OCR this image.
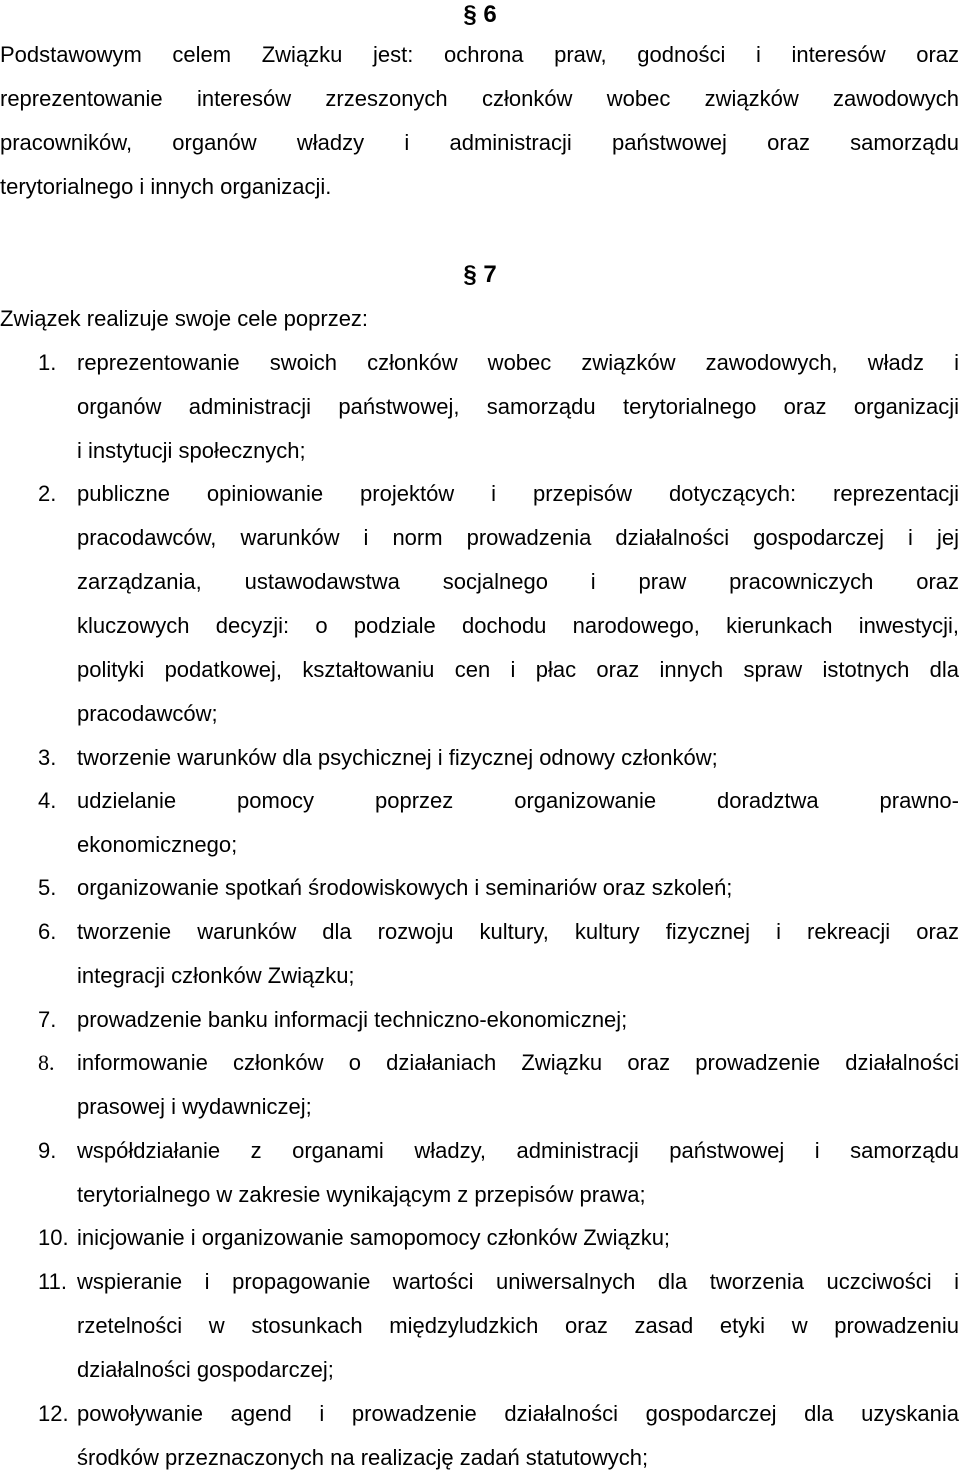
§ 6
Podstawowym celem Związku jest: ochrona praw, godności i interesów oraz
reprezentowanie interesów zrzeszonych członków wobec związków zawodowych
pracowników, organów władzy i administracji państwowej oraz samorządu
terytorialnego i innych organizacji.
§ 7
Związek realizuje swoje cele poprzez:
1. reprezentowanie swoich członków wobec związków zawodowych, władz i
organów administracji państwowej, samorządu terytorialnego oraz organizacji
i instytucji społecznych;
2. publiczne opiniowanie projektów i przepisów dotyczących: reprezentacji
pracodawców, warunków i norm prowadzenia działalności gospodarczej i jej
zarządzania, ustawodawstwa socjalnego i praw pracowniczych oraz
kluczowych decyzji: o podziale dochodu narodowego, kierunkach inwestycji,
polityki podatkowej, kształtowaniu cen i płac oraz innych spraw istotnych dla
pracodawców;
3. tworzenie warunków dla psychicznej i fizycznej odnowy członków;
4. udzielanie pomocy poprzez organizowanie doradztwa prawno-
ekonomicznego;
5. organizowanie spotkań środowiskowych i seminariów oraz szkoleń;
6. tworzenie warunków dla rozwoju kultury, kultury fizycznej i rekreacji oraz
integracji członków Związku;
7. prowadzenie banku informacji techniczno-ekonomicznej;
8. informowanie członków o działaniach Związku oraz prowadzenie działalności
prasowej i wydawniczej;
9. współdziałanie z organami władzy, administracji państwowej i samorządu
terytorialnego w zakresie wynikającym z przepisów prawa;
10. inicjowanie i organizowanie samopomocy członków Związku;
11. wspieranie i propagowanie wartości uniwersalnych dla tworzenia uczciwości i
rzetelności w stosunkach międzyludzkich oraz zasad etyki w prowadzeniu
działalności gospodarczej;
12. powoływanie agend i prowadzenie działalności gospodarczej dla uzyskania
środków przeznaczonych na realizację zadań statutowych;
